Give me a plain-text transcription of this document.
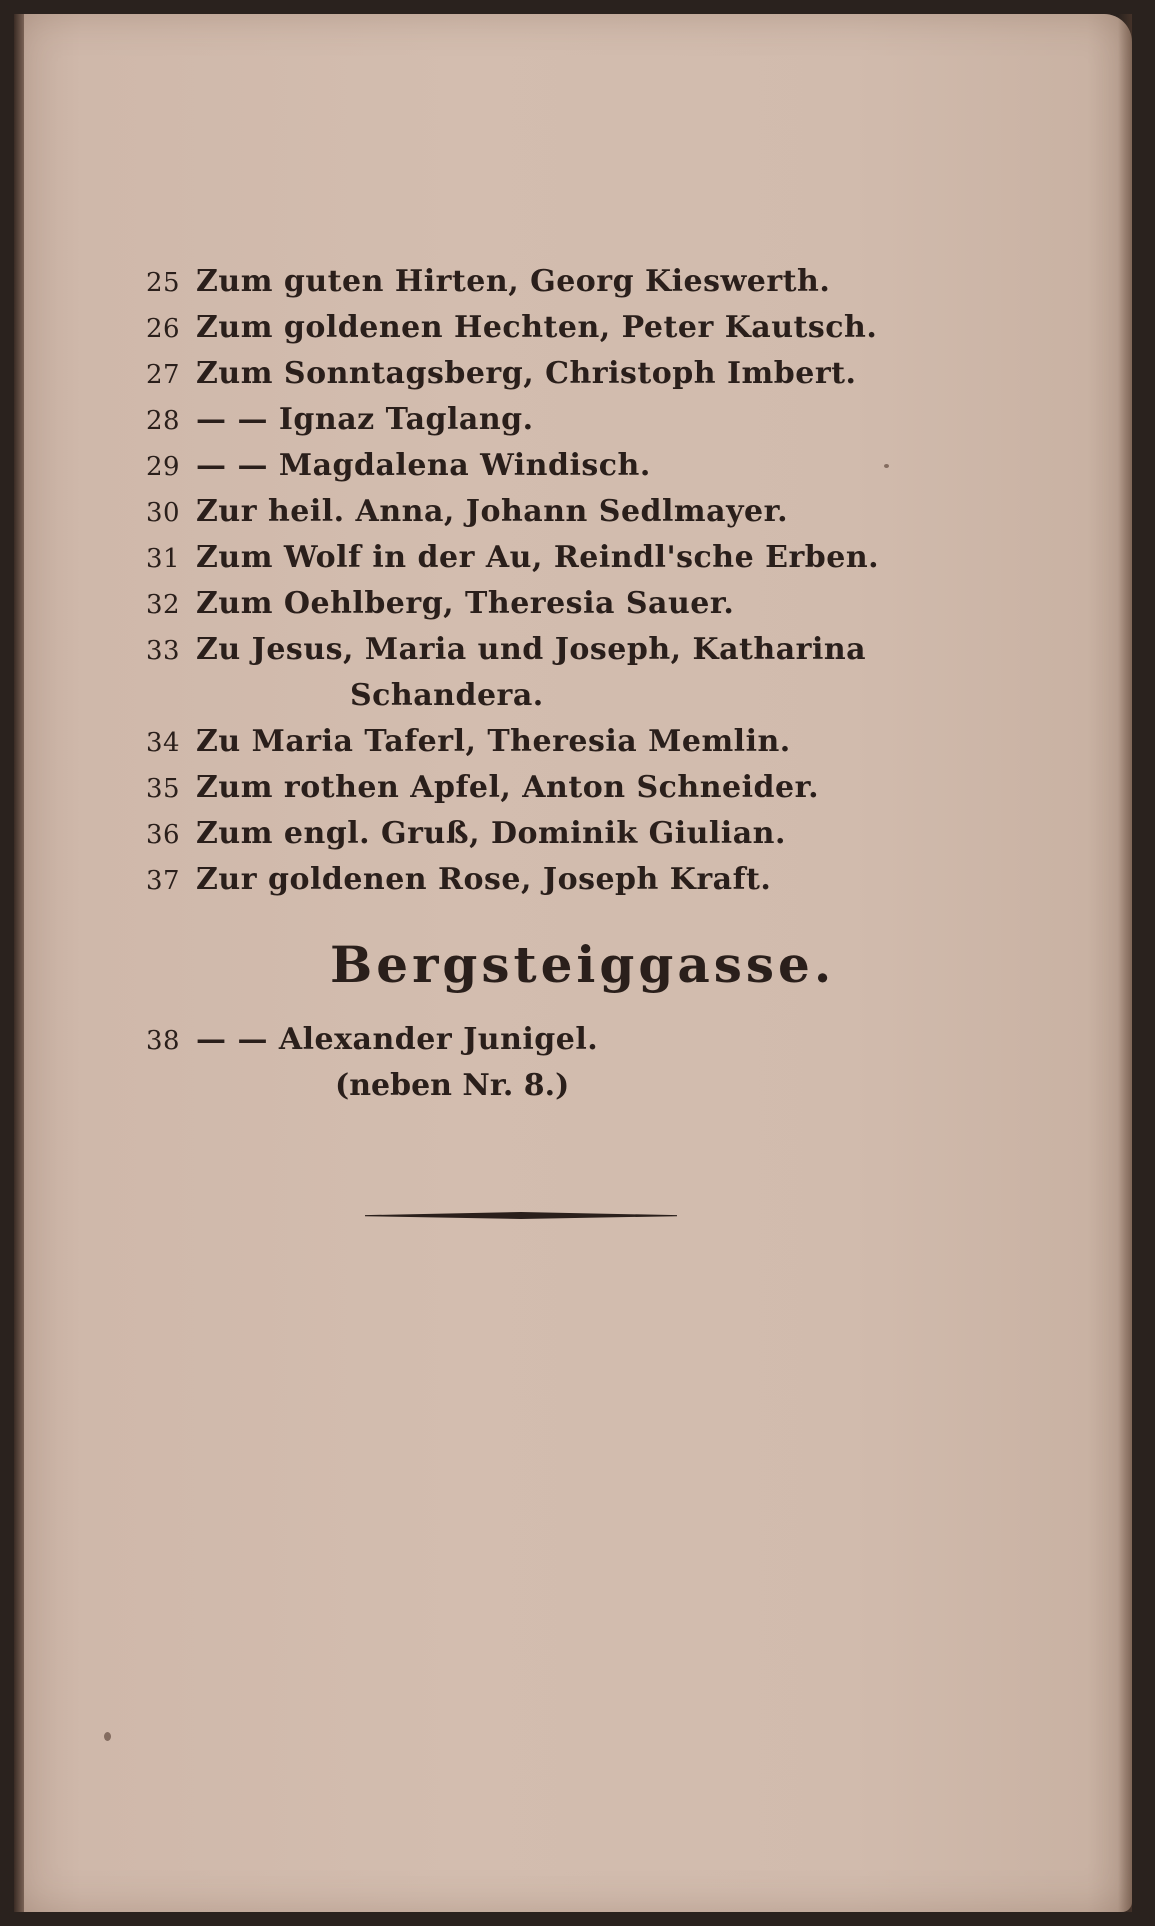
25 Zum guten Hirten, Georg Kieswerth.
26 Zum goldenen Hechten, Peter Kautsch.
27 Zum Sonntagsberg, Christoph Imbert.
28 — — Ignaz Taglang.
29 — — Magdalena Windisch.
30 Zur heil. Anna, Johann Sedlmayer.
31 Zum Wolf in der Au, Reindl'sche Erben.
32 Zum Oehlberg, Theresia Sauer.
33 Zu Jesus, Maria und Joseph, Katharina
Schandera.
34 Zu Maria Taferl, Theresia Memlin.
35 Zum rothen Apfel, Anton Schneider.
36 Zum engl. Gruß, Dominik Giulian.
37 Zur goldenen Rose, Joseph Kraft.
Bergsteiggasse.
38 — — Alexander Junigel.
(neben Nr. 8.)
